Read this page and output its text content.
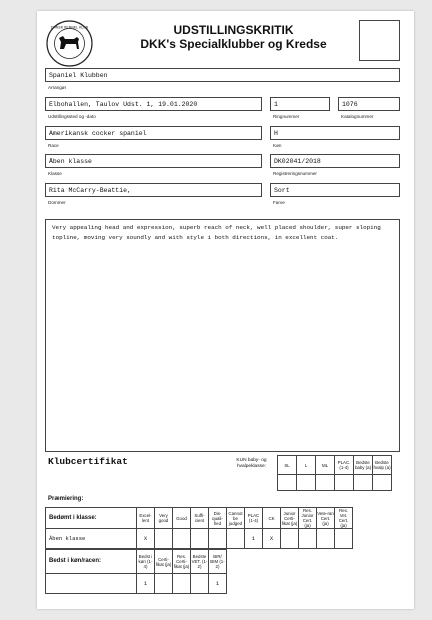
DANSK KENNEL KLUB	UDSTILLINGSKRITIK
DKK's Specialklubber og Kredse
Spaniel Klubben
Arrangør
Elbohallen, Taulov Udst. 1, 19.01.2020
Udstillingssted og -dato
1
Ringnummer
1076
Katalognummer
Amerikansk cocker spaniel
Race
H
Køn
Åben klasse
Klasse
DK02041/2018
Registreringsnummer
Rita McCarry-Beattie,
Dommer
Sort
Farve
Very appealing head and expression, superb reach of neck, well placed shoulder, super sloping topline, moving very soundly and with style i both directions, in excellent coat.
Klubcertifikat	KUN baby- og hvalpeklasse:	SL	L	ML	PLAC. (1-4)	Bedste baby (a)	Bedste hvalp (a)

Præmiering:
Bedømt i klasse:	Excel-lent	Very good	Good	Suffi-cient	Dis-quali-fied	Cannot be judged	PLAC (1-4)	CK	Junior Certi-fikat (ja)	Res. Junior Cert. (ja)	Vete-ran Cert. (ja)	Res. Vet. Cert. (ja)
Åben klasse	X						1	X				
Bedst i køn/racen:	Bedst i køn (1-4)	Certi-fikat (ja)	Res. Certi-fikat (ja)	Bedste VET. (1-2)	BIR/ BIM (1-2)
	1				1
